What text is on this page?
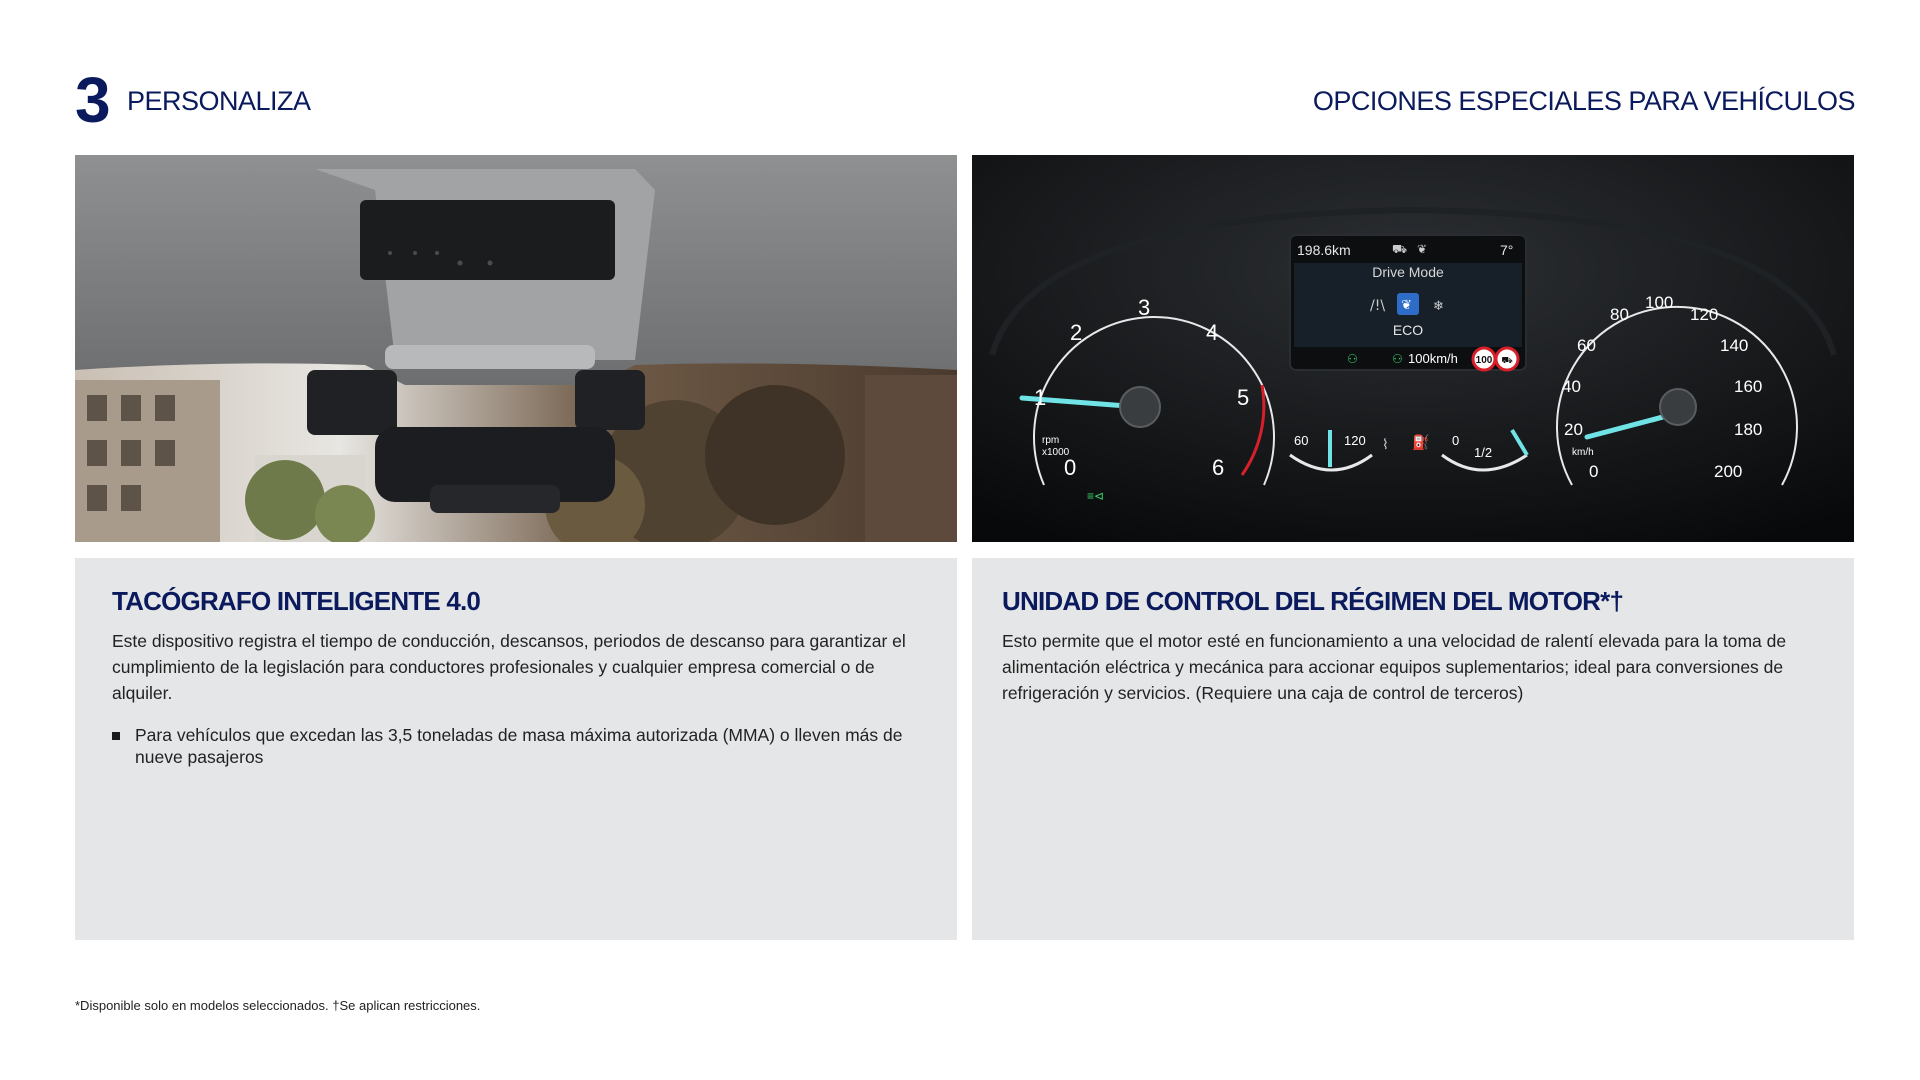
3 PERSONALIZA	OPCIONES ESPECIALES PARA VEHÍCULOS
0
1
2
3
4
5
6
rpm
x1000
≡⊲
198.6km	⛟ ❦	7°
Drive Mode
/!\ ❦ ❄
ECO
⚇	⚇ 100km/h 100 ⛟
60	120 ⌇ ⛽ 0
1/2
0
20
40
60
80
100
120
140
160
180
200
km/h
TACÓGRAFO INTELIGENTE 4.0

Este dispositivo registra el tiempo de conducción, descansos, periodos de descanso para garantizar el cumplimiento de la legislación para conductores profesionales y cualquier empresa comercial o de alquiler.

Para vehículos que excedan las 3,5 toneladas de masa máxima autorizada (MMA) o lleven más de nueve pasajeros
UNIDAD DE CONTROL DEL RÉGIMEN DEL MOTOR*†

Esto permite que el motor esté en funcionamiento a una velocidad de ralentí elevada para la toma de alimentación eléctrica y mecánica para accionar equipos suplementarios; ideal para conversiones de refrigeración y servicios. (Requiere una caja de control de terceros)

*Disponible solo en modelos seleccionados. †Se aplican restricciones.
